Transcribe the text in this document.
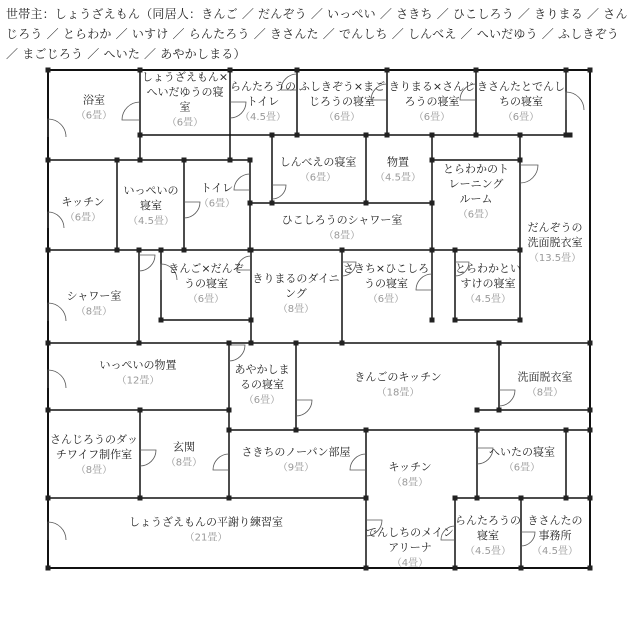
世帯主：しょうざえもん（同居人：きんご ／ だんぞう ／ いっぺい ／ さきち ／ ひこしろう ／ きりまる ／ さんじろう ／ とらわか ／ いすけ ／ らんたろう ／ きさんた ／ でんしち ／ しんべえ ／ へいだゆう ／ ふしきぞう ／ まごじろう ／ へいた ／ あやかしまる）
浴室
（6畳）
しょうざえもん×
へいだゆうの寝
室
（6畳）
らんたろうの
トイレ
（4.5畳）
ふしきぞう×まご
じろうの寝室
（6畳）
きりまる×さんじ
ろうの寝室
（6畳）
きさんたとでんし
ちの寝室
（6畳）
しんべえの寝室
（6畳）
物置
（4.5畳）
とらわかのト
レーニング
ルーム
（6畳）
キッチン
（6畳）
いっぺいの
寝室
（4.5畳）
トイレ
（6畳）
ひこしろうのシャワー室
（8畳）
だんぞうの
洗面脱衣室
（13.5畳）
シャワー室
（8畳）
きんご×だんぞ
うの寝室
（6畳）
きりまるのダイニ
ング
（8畳）
さきち×ひこしろ
うの寝室
（6畳）
とらわかとい
すけの寝室
（4.5畳）
いっぺいの物置
（12畳）
あやかしま
るの寝室
（6畳）
きんごのキッチン
（18畳）
洗面脱衣室
（8畳）
さんじろうのダッ
チワイフ制作室
（8畳）
玄関
（8畳）
さきちのノーパン部屋
（9畳）	キッチン
（8畳）
へいたの寝室
（6畳）
しょうざえもんの平謝り練習室
（21畳）	でんしちのメイン
アリーナ
（4畳）
らんたろうの
寝室
（4.5畳）
きさんたの
事務所
（4.5畳）
